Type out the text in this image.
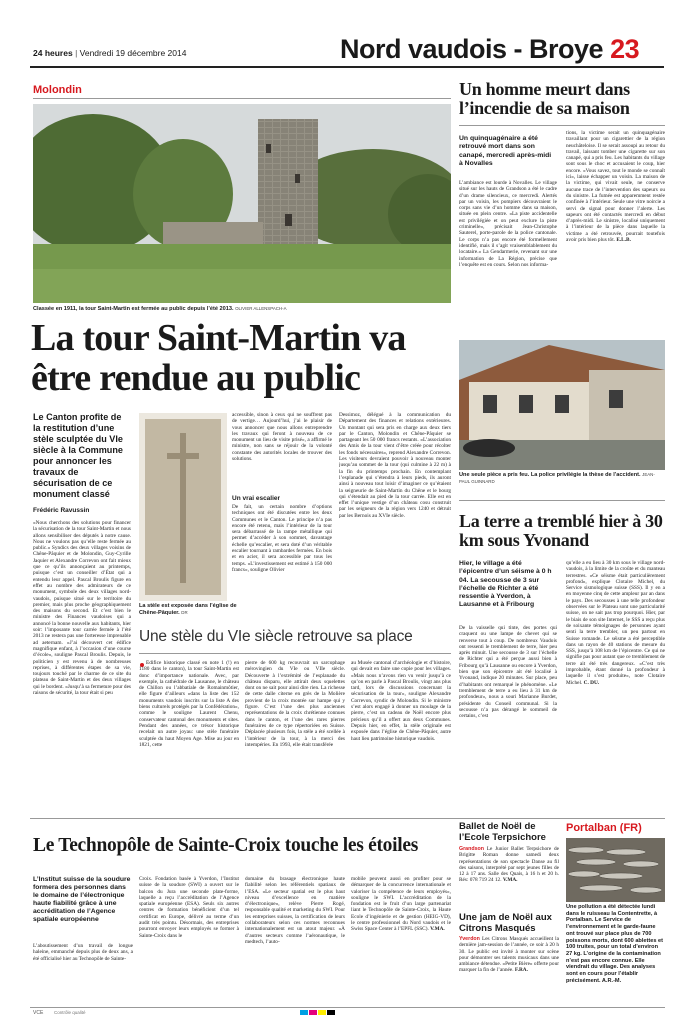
24 heures | Vendredi 19 décembre 2014	Nord vaudois - Broye 23
Molondin
Classée en 1911, la tour Saint-Martin est fermée au public depuis l’été 2013. OLIVIER ALLENSPACH-A
La tour Saint-Martin va être rendue au public
Le Canton profite de la restitution d’une stèle sculptée du VIe siècle à la Commune pour annoncer les travaux de sécurisation de ce monument classé
Frédéric Ravussin
«Nous cherchons des solutions pour financer la sécurisation de la tour Saint-Martin et nous allons sensibiliser des députés à notre cause. Nous ne voulons pas qu’elle reste fermée au public.» Syndics des deux villages voisins de Chêne-Pâquier et de Molondin, Guy-Cyrille Jaquier et Alexandre Correvon ont fait mieux que ce qu’ils annonçaient au printemps, puisque c’est un conseiller d’État qui a entendu leur appel. Pascal Broulis figure en effet au nombre des admirateurs de ce monument, symbole des deux villages nord-vaudois, puisque situé sur le territoire du premier, mais plus proche géographiquement des maisons du second. Et c’est bien le ministre des Finances vaudoises qui a annoncé la bonne nouvelle aux habitants, hier soir: l’imposante tour carrée fermée à l’été 2013 ne restera pas une forteresse imprenable ad aeternam. «J’ai découvert cet édifice magnifique enfant, à l’occasion d’une course d’école», souligne Pascal Broulis. Depuis, le politicien y est revenu à de nombreuses reprises, à différentes étapes de sa vie, toujours touché par le charme de ce site du plateau de Saint-Martin et des deux villages qui le bordent. «Jusqu’à sa fermeture pour des raisons de sécurité, la tour était si peu
La stèle est exposée dans l’église de Chêne-Pâquier. DR
accessible, sinon à ceux qui ne souffrent pas de vertige… Aujourd’hui, j’ai le plaisir de vous annoncer que nous allons entreprendre les travaux qui feront à nouveau de ce monument un lieu de visite prisé», a affirmé le ministre, non sans se réjouir de la volonté constante des autorités locales de trouver des solutions.
Un vrai escalier
De fait, un certain nombre d’options techniques ont été discutées entre les deux Communes et le Canton. Le principe n’a pas encore été retenu, mais l’intérieur de la tour sera débarrassé de la rampe métallique qui permet d’accéder à son sommet, davantage échelle qu’escalier, et sera doté d’un véritable escalier tournant à rambardes fermées. En bois et en acier, il sera accessible par tous les temps. «L’investissement est estimé à 150 000 francs», souligne Olivier
Dessimoz, délégué à la communication du Département des finances et relations extérieures. Un montant qui sera pris en charge aux deux tiers par le Canton, Molondin et Chêne-Pâquier se partageant les 50 000 francs restants. «L’association des Amis de la tour vient d’être créée pour récolter les fonds nécessaires», reprend Alexandre Correvon. Les visiteurs devraient pouvoir à nouveau monter jusqu’au sommet de la tour (qui culmine à 22 m) à la fin du printemps prochain. En contemplant l’esplanade qui s’étendra à leurs pieds, ils auront ainsi à nouveau tout loisir d’imaginer ce qu’étaient la seigneurie de Saint-Martin du Chêne et le bourg qui s’étendait au pied de la tour carrée. Elle est en effet l’unique vestige d’un château cosu construit par les seigneurs de la région vers 1240 et détruit par les Bernois au XVIe siècle.
Une stèle du VIe siècle retrouve sa place
Édifice historique classé en note 1 (!) en 1180 dans le canton), la tour Saint-Martin est donc d’importance nationale. Avec, par exemple, la cathédrale de Lausanne, le château de Chillon ou l’abbatiale de Romainmôtier, elle figure d’ailleurs «dans la liste des 152 monuments vaudois inscrits sur la liste A des biens culturels protégés par la Confédération», comme le souligne Laurent Chenu, conservateur cantonal des monuments et sites. Pendant des années, ce trésor historique recelait un autre joyau: une stèle funéraire sculptée du haut Moyen Age. Mise au jour en 1821, cette
pierre de 600 kg recouvrait un sarcophage mérovingien du VIe ou VIIe siècle. Découverte à l’extrémité de l’esplanade du château disparu, elle attirait deux squelettes dont on ne sait pour ainsi dire rien. La richesse de cette dalle citerne en grès de la Molière provient de la croix montée sur hampe qui y figure. C’est l’une des plus anciennes représentations de la croix chrétienne connues dans le canton, et l’une des rares pierres funéraires de ce type répertoriées en Suisse. Déplacée plusieurs fois, la stèle a été scellée à l’intérieur de la tour, à la merci des intempéries. En 1993, elle était transférée
au Musée cantonal d’archéologie et d’histoire, qui devait en faire une copie pour les villages. «Mais nous n’avons rien vu venir jusqu’à ce qu’on en parle à Pascal Broulis, vingt ans plus tard, lors de discussions concernant la sécurisation de la tour», souligne Alexandre Correvon, syndic de Molondin. Si le ministre s’est alors engagé à donner un moulage de la pierre, c’est un cadeau de Noël encore plus précieux qu’il a offert aux deux Communes. Depuis hier, en effet, la stèle originale est exposée dans l’église de Chêne-Pâquier, autre haut lieu patrimoine historique vaudois.
Un homme meurt dans l’incendie de sa maison
Un quinquagénaire a été retrouvé mort dans son canapé, mercredi après-midi à Novalles
L’ambiance est lourde à Novalles. Le village situé sur les hauts de Grandson a été le cadre d’un drame silencieux, ce mercredi. Alertés par un voisin, les pompiers découvraient le corps sans vie d’un homme dans sa maison, située en plein centre. «La piste accidentelle est privilégiée et on peut exclure la piste criminelle», précisait Jean-Christophe Sauterel, porte-parole de la police cantonale. Le corps n’a pas encore été formellement identifié, mais il s’agit vraisemblablement du locataire.» La Gendarmerie, revenant sur une information de La Région, précise que l’enquête est en cours. Selon nos informa-
tions, la victime serait un quinquagénaire travaillant pour un cigarettier de la région neuchâteloise. Il se serait assoupi au retour du travail, laissant tomber une cigarette sur son canapé, qui a pris feu. Les habitants du village sont sous le choc et accusaient le coup, hier encore. «Vous savez, tout le monde se connaît ici», laisse échapper un voisin. La maison de la victime, qui vivait seule, ne conserve aucune trace de l’intervention des sapeurs ou du sinistre. La fumée est apparemment restée confinée à l’intérieur. Seule une vitre noircie a servi de signal pour donner l’alerte. Les sapeurs ont été contactés mercredi en début d’après-midi. Le sinistre, localisé uniquement à l’intérieur de la pièce dans laquelle la victime a été retrouvée, pourrait toutefois avoir pris bien plus tôt. E.L.B.
Une seule pièce a pris feu. La police privilégie la thèse de l’accident. JEAN-PAUL GUINNARD
La terre a tremblé hier à 30 km sous Yvonand
Hier, le village a été l’épicentre d’un séisme à 0 h 04. La secousse de 3 sur l’échelle de Richter a été ressentie à Yverdon, à Lausanne et à Fribourg
De la vaisselle qui tinte, des portes qui craquent ou une lampe de chevet qui se renverse tout à coup. De nombreux Vaudois ont ressenti le tremblement de terre, hier peu après minuit. Une secousse de 3 sur l’échelle de Richter qui a été perçue aussi bien à Fribourg qu’à Lausanne ou encore à Yverdon, bien que son épicentre ait été localisé à Yvonand, indique 20 minutes. Sur place, peu d’habitants ont remarqué le phénomène. «Le tremblement de terre a eu lieu à 31 km de profondeur», nous a souri Marianne Burdet, présidente du Conseil communal. Si la secousse n’a pas dérangé le sommeil de certains, c’est
qu’elle a eu lieu à 30 km sous le village nord-vaudois, à la limite de la croûte et du manteau terrestres. «Ce séisme était particulièrement profond», explique Clotaire Michel, du Service sismologique suisse (SSS). Il y en a en moyenne cinq de cette ampleur par an dans le pays. Des secousses à une telle profondeur observées sur le Plateau sont une particularité suisse, on ne sait pas trop pourquoi. Hier, par le biais de son site Internet, le SSS a reçu plus de soixante témoignages de personnes ayant senti la terre trembler, un peu partout en Suisse romande. Le séisme a été perceptible dans un rayon de 40 stations de mesure du SSS, jusqu’à 108 km de l’épicentre. Ce qui ne signifie pas pour autant que ce tremblement de terre ait été très dangereux. «C’est très improbable, étant donné la profondeur à laquelle il s’est produite», note Clotaire Michel. C. DU.
Ballet de Noël de l’Ecole Terpsichore
Grandson Le Junior Ballet Terpsichore de Brigitte Roman donne samedi deux représentations de son spectacle Danse au fil des saisons, interprété par sept jeunes filles de 12 à 17 ans. Salle des Quais, à 16 h et 20 h. Rés: 078 719 24 12. V.MA.
Une jam de Noël aux Citrons Masqués
Yverdon Les Citrons Masqués accueillent la dernière jam-session de l’année, ce soir à 20 h 30. Le public est invité à monter sur scène pour démontrer ses talents musicaux dans une ambiance détendue. «Petite Bière» offerte pour marquer la fin de l’année. F.RA.
Portalban (FR)
Une pollution a été détectée lundi dans le ruisseau la Contentrette, à Portalban. Le Service de l’environnement et le garde-faune ont trouvé sur place plus de 700 poissons morts, dont 600 ablettes et 100 truites, pour un total d’environ 27 kg. L’origine de la contamination n’est pas encore connue. Elle viendrait du village. Des analyses sont en cours pour l’établir précisément. A.R.-M.
Le Technopôle de Sainte-Croix touche les étoiles
L’Institut suisse de la soudure formera des personnes dans le domaine de l’électronique haute fiabilité grâce à une accréditation de l’Agence spatiale européenne
L’aboutissement d’un travail de longue haleine, emmanché depuis plus de deux ans, a été officialisé hier au Technopôle de Sainte-
Croix. Fondation basée à Yverdon, l’Institut suisse de la soudure (SWI) a ouvert sur le balcon du Jura une seconde plate-forme, laquelle a reçu l’accréditation de l’Agence spatiale européenne (ESA). Seuls six autres centres de formation bénéficient d’un tel certificat en Europe, délivré au terme d’un audit très pointu. Désormais, des entreprises pourront envoyer leurs employés se former à Sainte-Croix dans le
domaine du brasage électronique haute fiabilité selon les référentiels spatiaux de l’ESA. «Le secteur spatial est le plus haut niveau d’excellence en matière d’électronique», relève Pierre Rogé, responsable qualité et marketing du SWI. Pour les entreprises suisses, la certification de leurs collaborateurs selon ces normes reconnues internationalement est un atout majeur. «À d’autres secteurs comme l’aéronautique, le medtech, l’auto-
mobile peuvent aussi en profiter pour se démarquer de la concurrence internationale et valoriser la compétence de leurs employés», souligne le SWI. L’accréditation de la fondation est le fruit d’un large partenariat liant le Technopôle de Sainte-Croix, la Haute Ecole d’ingénierie et de gestion (HEIG-VD), le centre professionnel du Nord vaudois et le Swiss Space Center à l’EPFL (SSC). V.MA.
VCE Contrôle qualité
